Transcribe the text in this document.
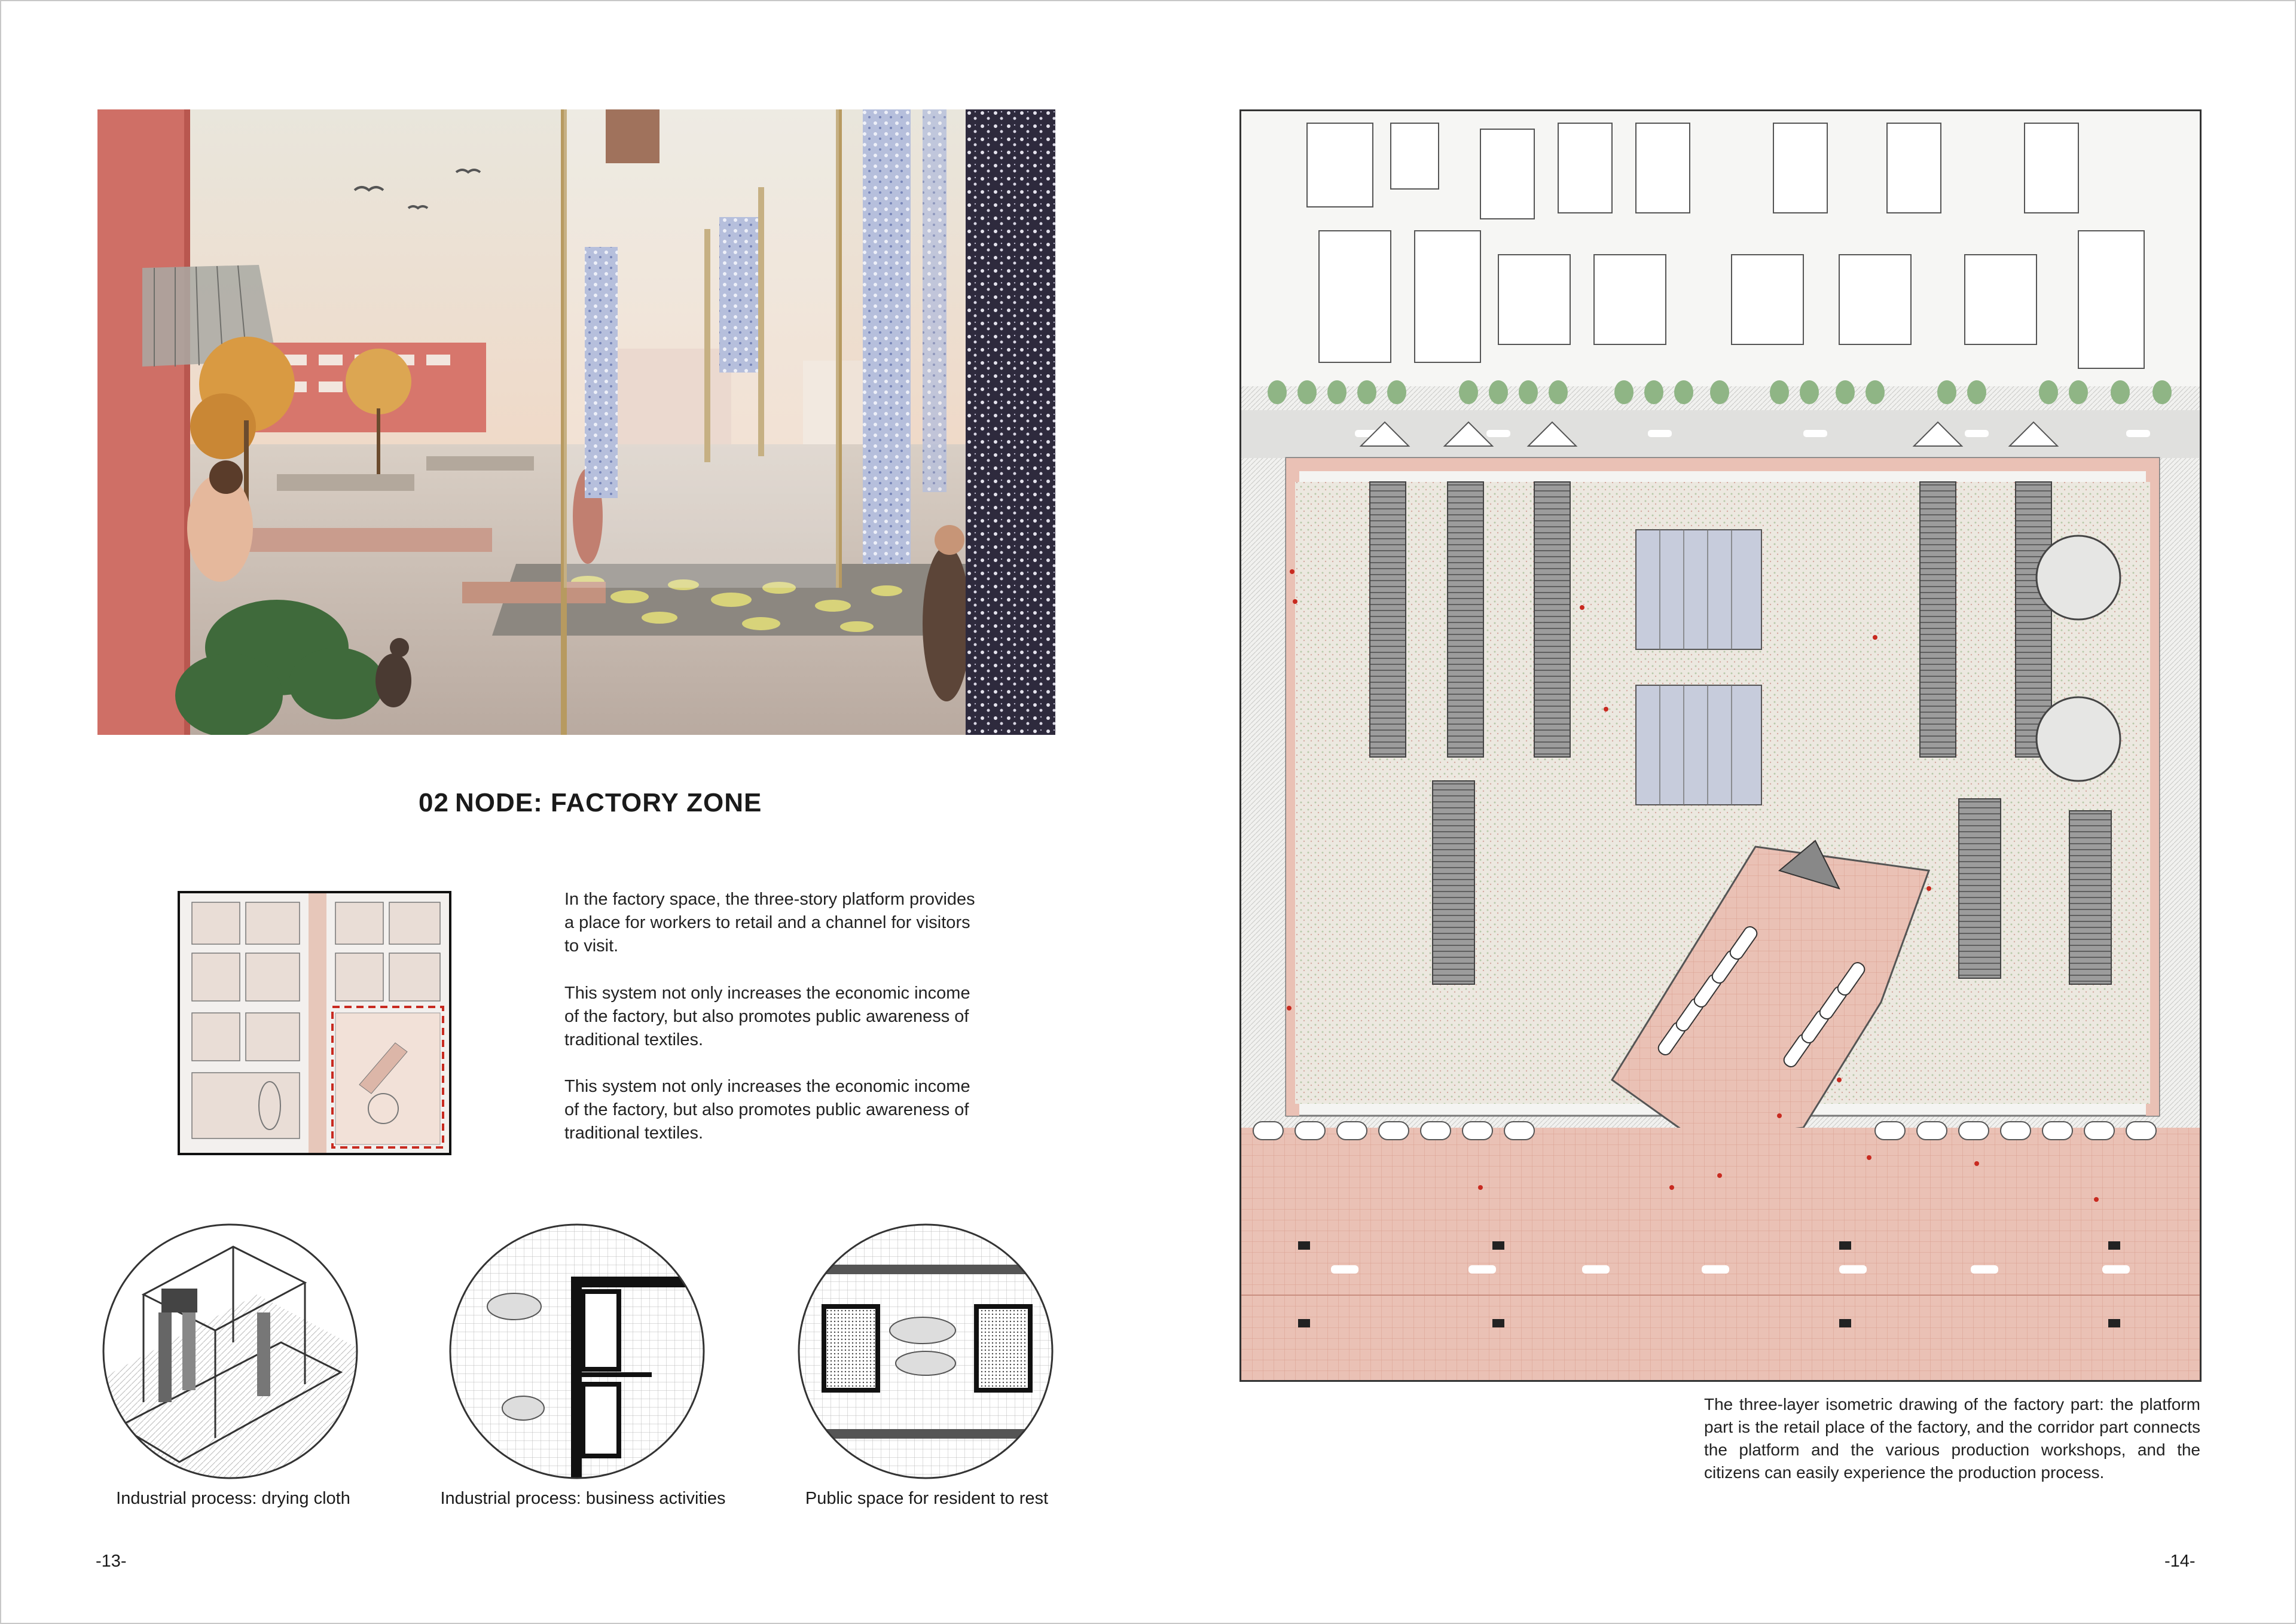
02 NODE: FACTORY ZONE
In the factory space, the three-story platform provides a place for workers to retail and a channel for visitors to visit.
This system not only increases the economic income of the factory, but also promotes public awareness of traditional textiles.
This system not only increases the economic income of the factory, but also promotes public awareness of traditional textiles.
Industrial process: drying cloth	Industrial process: business activities	Public space for resident to rest
-13-	-14-
The three-layer isometric drawing of the factory part: the platform part is the retail place of the factory, and the corridor part connects the platform and the various production workshops, and the citizens can easily experience the production process.
